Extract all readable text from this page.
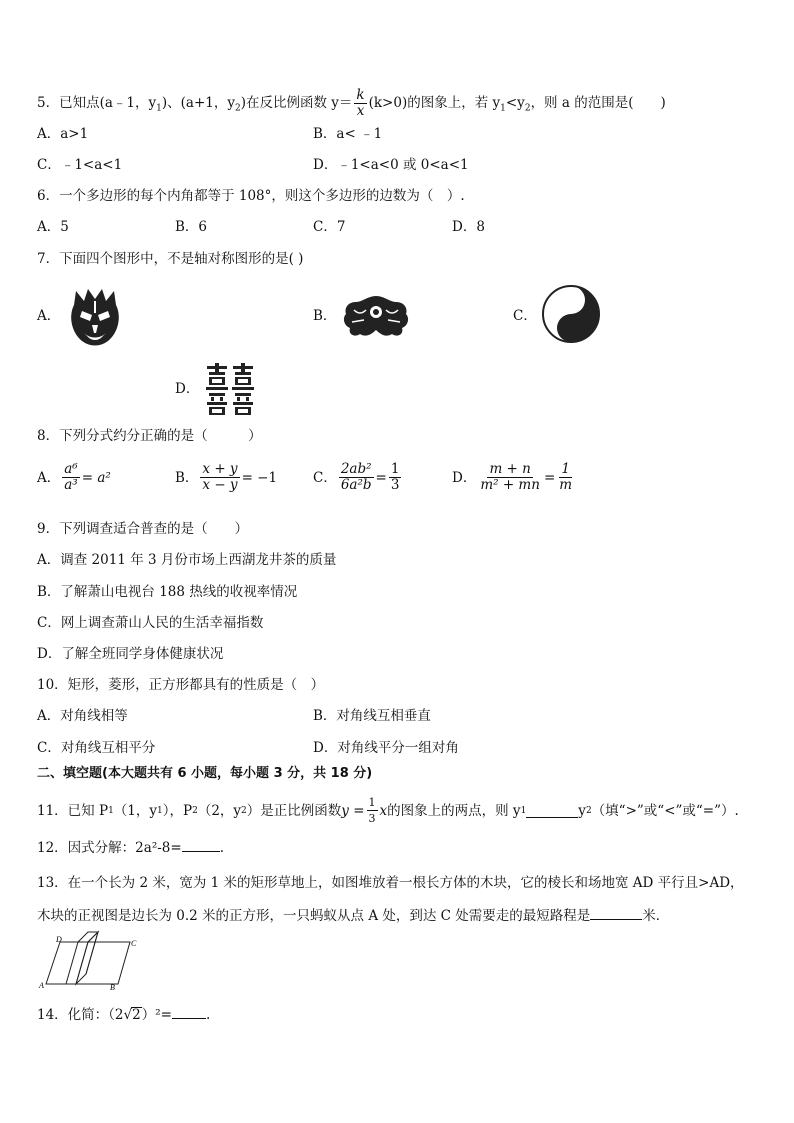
5．已知点(a﹣1，$y_1$)、(a+1，$y_2$)在反比例函数 $y= \frac{k}{x} (k>0)$的图象上，若 $y_1<y_2$，则 a 的范围是(　　)
A．a>1	B．a< ﹣1
C．﹣1<a<1	D．﹣1<a<0 或 0<a<1
6．一个多边形的每个内角都等于 108°，则这个多边形的边数为（　）.
A．5	B．6	C．7	D．8
7．下面四个图形中，不是轴对称图形的是( )
A．	B．	C．
D．
8．下列分式约分正确的是（　　　）
A． $\frac{\text{a⁶}}{\text{a³}} = a^2$	B． $\frac{x + y}{x - y} = -1$	C． $\frac{\text{2ab²}}{\text{6a²b}} = \frac{1}{3}$	D． $\frac{m + n}{\text{m² + mn}} = \frac{1}{m}$
9．下列调查适合普查的是（　　）
A．调查 2011 年 3 月份市场上西湖龙井茶的质量
B．了解萧山电视台 188 热线的收视率情况
C．网上调查萧山人民的生活幸福指数
D．了解全班同学身体健康状况
10．矩形，菱形，正方形都具有的性质是（　）
A．对角线相等	B．对角线互相垂直
C．对角线互相平分	D．对角线平分一组对角
二、填空题(本大题共有 6 小题，每小题 3 分，共 18 分)
11．已知 P 1 （1，y 1 ），P 2 （2，y 2 ）是正比例函数 $y = \frac{1}{3}$ x 的图象上的两点，则 y 1	y 2 （填“>”或“<”或“=”）.
12．因式分解：2a²-8=	.
13．在一个长为 2 米，宽为 1 米的矩形草地上，如图堆放着一根长方体的木块，它的棱长和场地宽 AD 平行且>AD，
木块的正视图是边长为 0.2 米的正方形，一只蚂蚁从点 A 处，到达 C 处需要走的最短路程是	米．
D	C
A	B
14．化简：（2√2）²=	.
